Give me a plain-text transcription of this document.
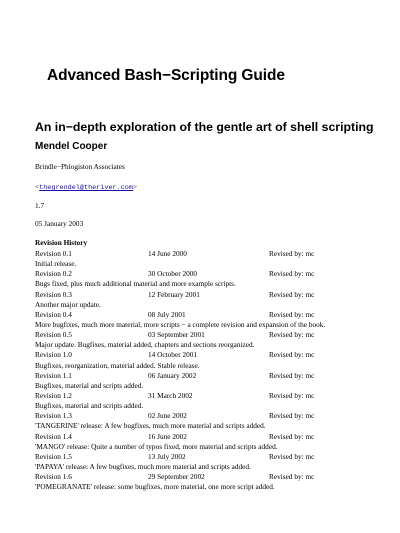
Advanced Bash−Scripting Guide
An in−depth exploration of the gentle art of shell scripting
Mendel Cooper
Brindle−Phlogiston Associates
<thegrendel@theriver.com>
1.7
05 January 2003
Revision History
Revision 0.1	14 June 2000	Revised by: mc
Initial release.
Revision 0.2	30 October 2000	Revised by: mc
Bugs fixed, plus much additional material and more example scripts.
Revision 0.3	12 February 2001	Revised by: mc
Another major update.
Revision 0.4	08 July 2001	Revised by: mc
More bugfixes, much more material, more scripts − a complete revision and expansion of the book.
Revision 0.5	03 September 2001	Revised by: mc
Major update. Bugfixes, material added, chapters and sections reorganized.
Revision 1.0	14 October 2001	Revised by: mc
Bugfixes, reorganization, material added. Stable release.
Revision 1.1	06 January 2002	Revised by: mc
Bugfixes, material and scripts added.
Revision 1.2	31 March 2002	Revised by: mc
Bugfixes, material and scripts added.
Revision 1.3	02 June 2002	Revised by: mc
'TANGERINE' release: A few bugfixes, much more material and scripts added.
Revision 1.4	16 June 2002	Revised by: mc
'MANGO' release: Quite a number of typos fixed, more material and scripts added.
Revision 1.5	13 July 2002	Revised by: mc
'PAPAYA' release: A few bugfixes, much more material and scripts added.
Revision 1.6	29 September 2002	Revised by: mc
'POMEGRANATE' release: some bugfixes, more material, one more script added.
